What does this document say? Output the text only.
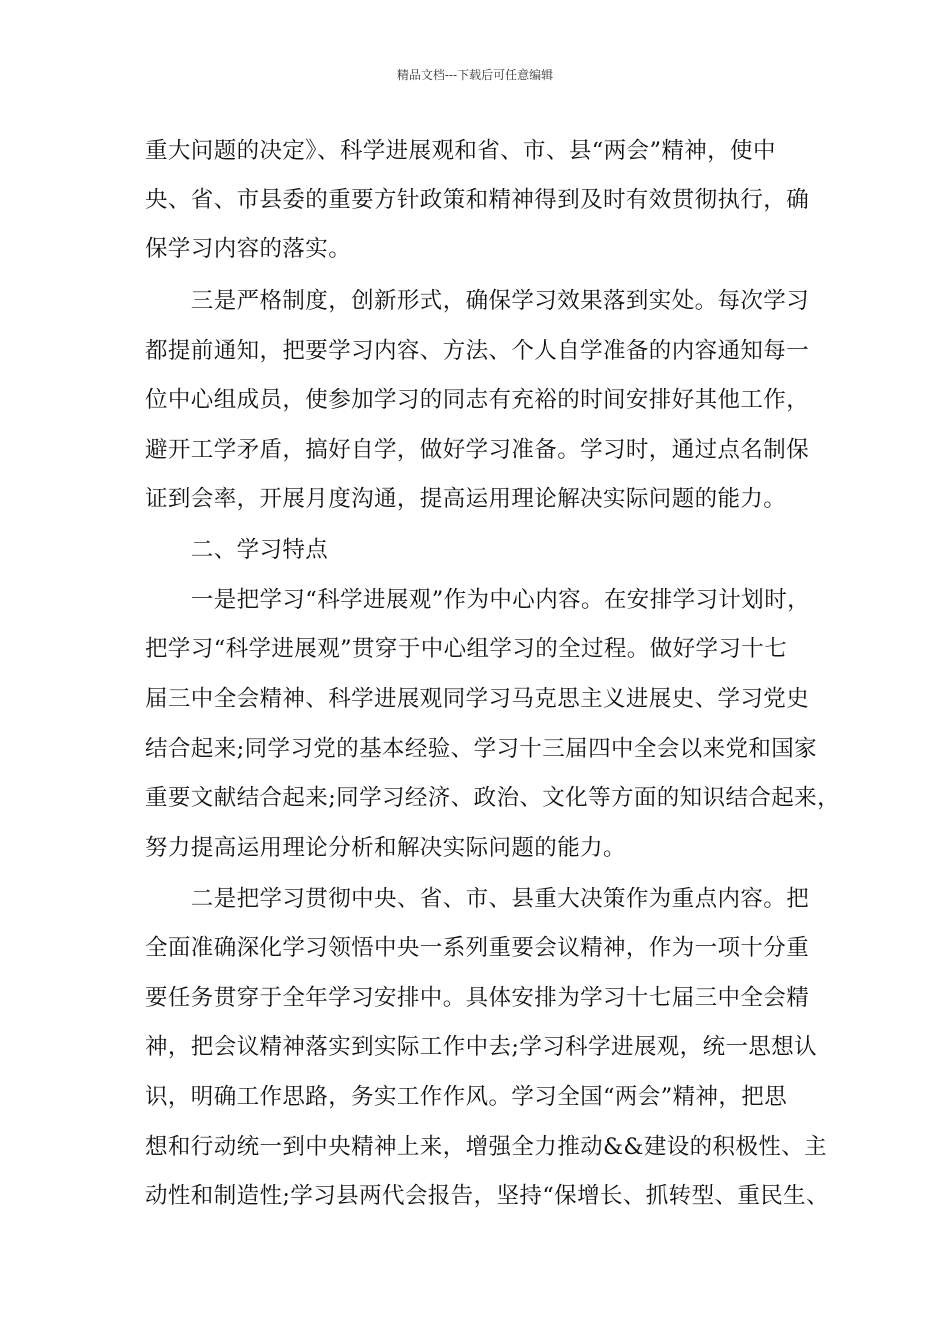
精品文档---下载后可任意编辑
重大问题的决定》、科学进展观和省、市、县“两会”精神，使中
央、省、市县委的重要方针政策和精神得到及时有效贯彻执行，确
保学习内容的落实。
　　三是严格制度，创新形式，确保学习效果落到实处。每次学习
都提前通知，把要学习内容、方法、个人自学准备的内容通知每一
位中心组成员，使参加学习的同志有充裕的时间安排好其他工作，
避开工学矛盾，搞好自学，做好学习准备。学习时，通过点名制保
证到会率，开展月度沟通，提高运用理论解决实际问题的能力。
　　二、学习特点
　　一是把学习“科学进展观”作为中心内容。在安排学习计划时，
把学习“科学进展观”贯穿于中心组学习的全过程。做好学习十七
届三中全会精神、科学进展观同学习马克思主义进展史、学习党史
结合起来;同学习党的基本经验、学习十三届四中全会以来党和国家
重要文献结合起来;同学习经济、政治、文化等方面的知识结合起来，
努力提高运用理论分析和解决实际问题的能力。
　　二是把学习贯彻中央、省、市、县重大决策作为重点内容。把
全面准确深化学习领悟中央一系列重要会议精神，作为一项十分重
要任务贯穿于全年学习安排中。具体安排为学习十七届三中全会精
神，把会议精神落实到实际工作中去;学习科学进展观，统一思想认
识，明确工作思路，务实工作作风。学习全国“两会”精神，把思
想和行动统一到中央精神上来，增强全力推动&&建设的积极性、主
动性和制造性;学习县两代会报告，坚持“保增长、抓转型、重民生、
